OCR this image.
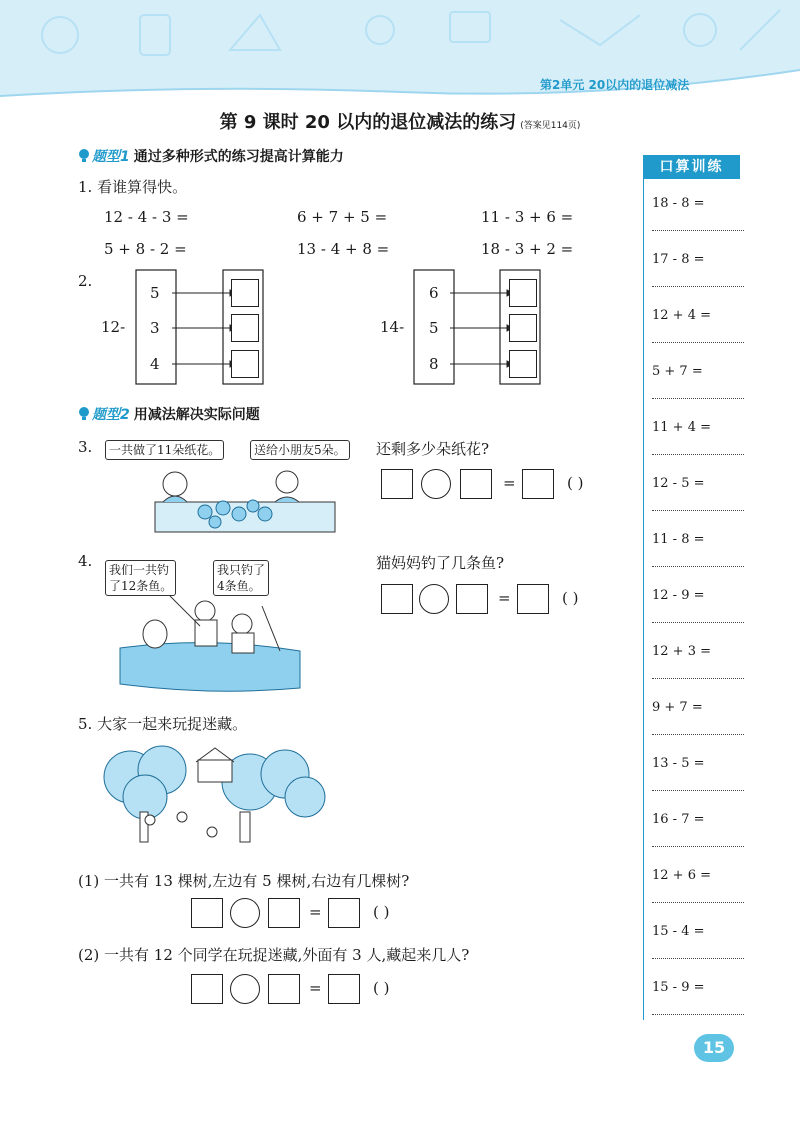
第2单元 20以内的退位减法
第 9 课时 20 以内的退位减法的练习 (答案见114页)
题型1 通过多种形式的练习提高计算能力
1. 看谁算得快。
12 - 4 - 3 =	6 + 7 + 5 =	11 - 3 + 6 =
5 + 8 - 2 =	13 - 4 + 8 =	18 - 3 + 2 =
2.
12-
5
3
4
14-
6
5
8
题型2 用减法解决实际问题
3.	一共做了11朵纸花。	送给小朋友5朵。 还剩多少朵纸花?
=	( )
4. 我们一共钓
了12条鱼。
我只钓了
4条鱼。
猫妈妈钓了几条鱼?
=	( )
5. 大家一起来玩捉迷藏。
(1) 一共有 13 棵树,左边有 5 棵树,右边有几棵树?
=	( )
(2) 一共有 12 个同学在玩捉迷藏,外面有 3 人,藏起来几人?
=	( )
口算训练
18 - 8 =
17 - 8 =
12 + 4 =
5 + 7 =
11 + 4 =
12 - 5 =
11 - 8 =
12 - 9 =
12 + 3 =
9 + 7 =
13 - 5 =
16 - 7 =
12 + 6 =
15 - 4 =
15 - 9 =
15
